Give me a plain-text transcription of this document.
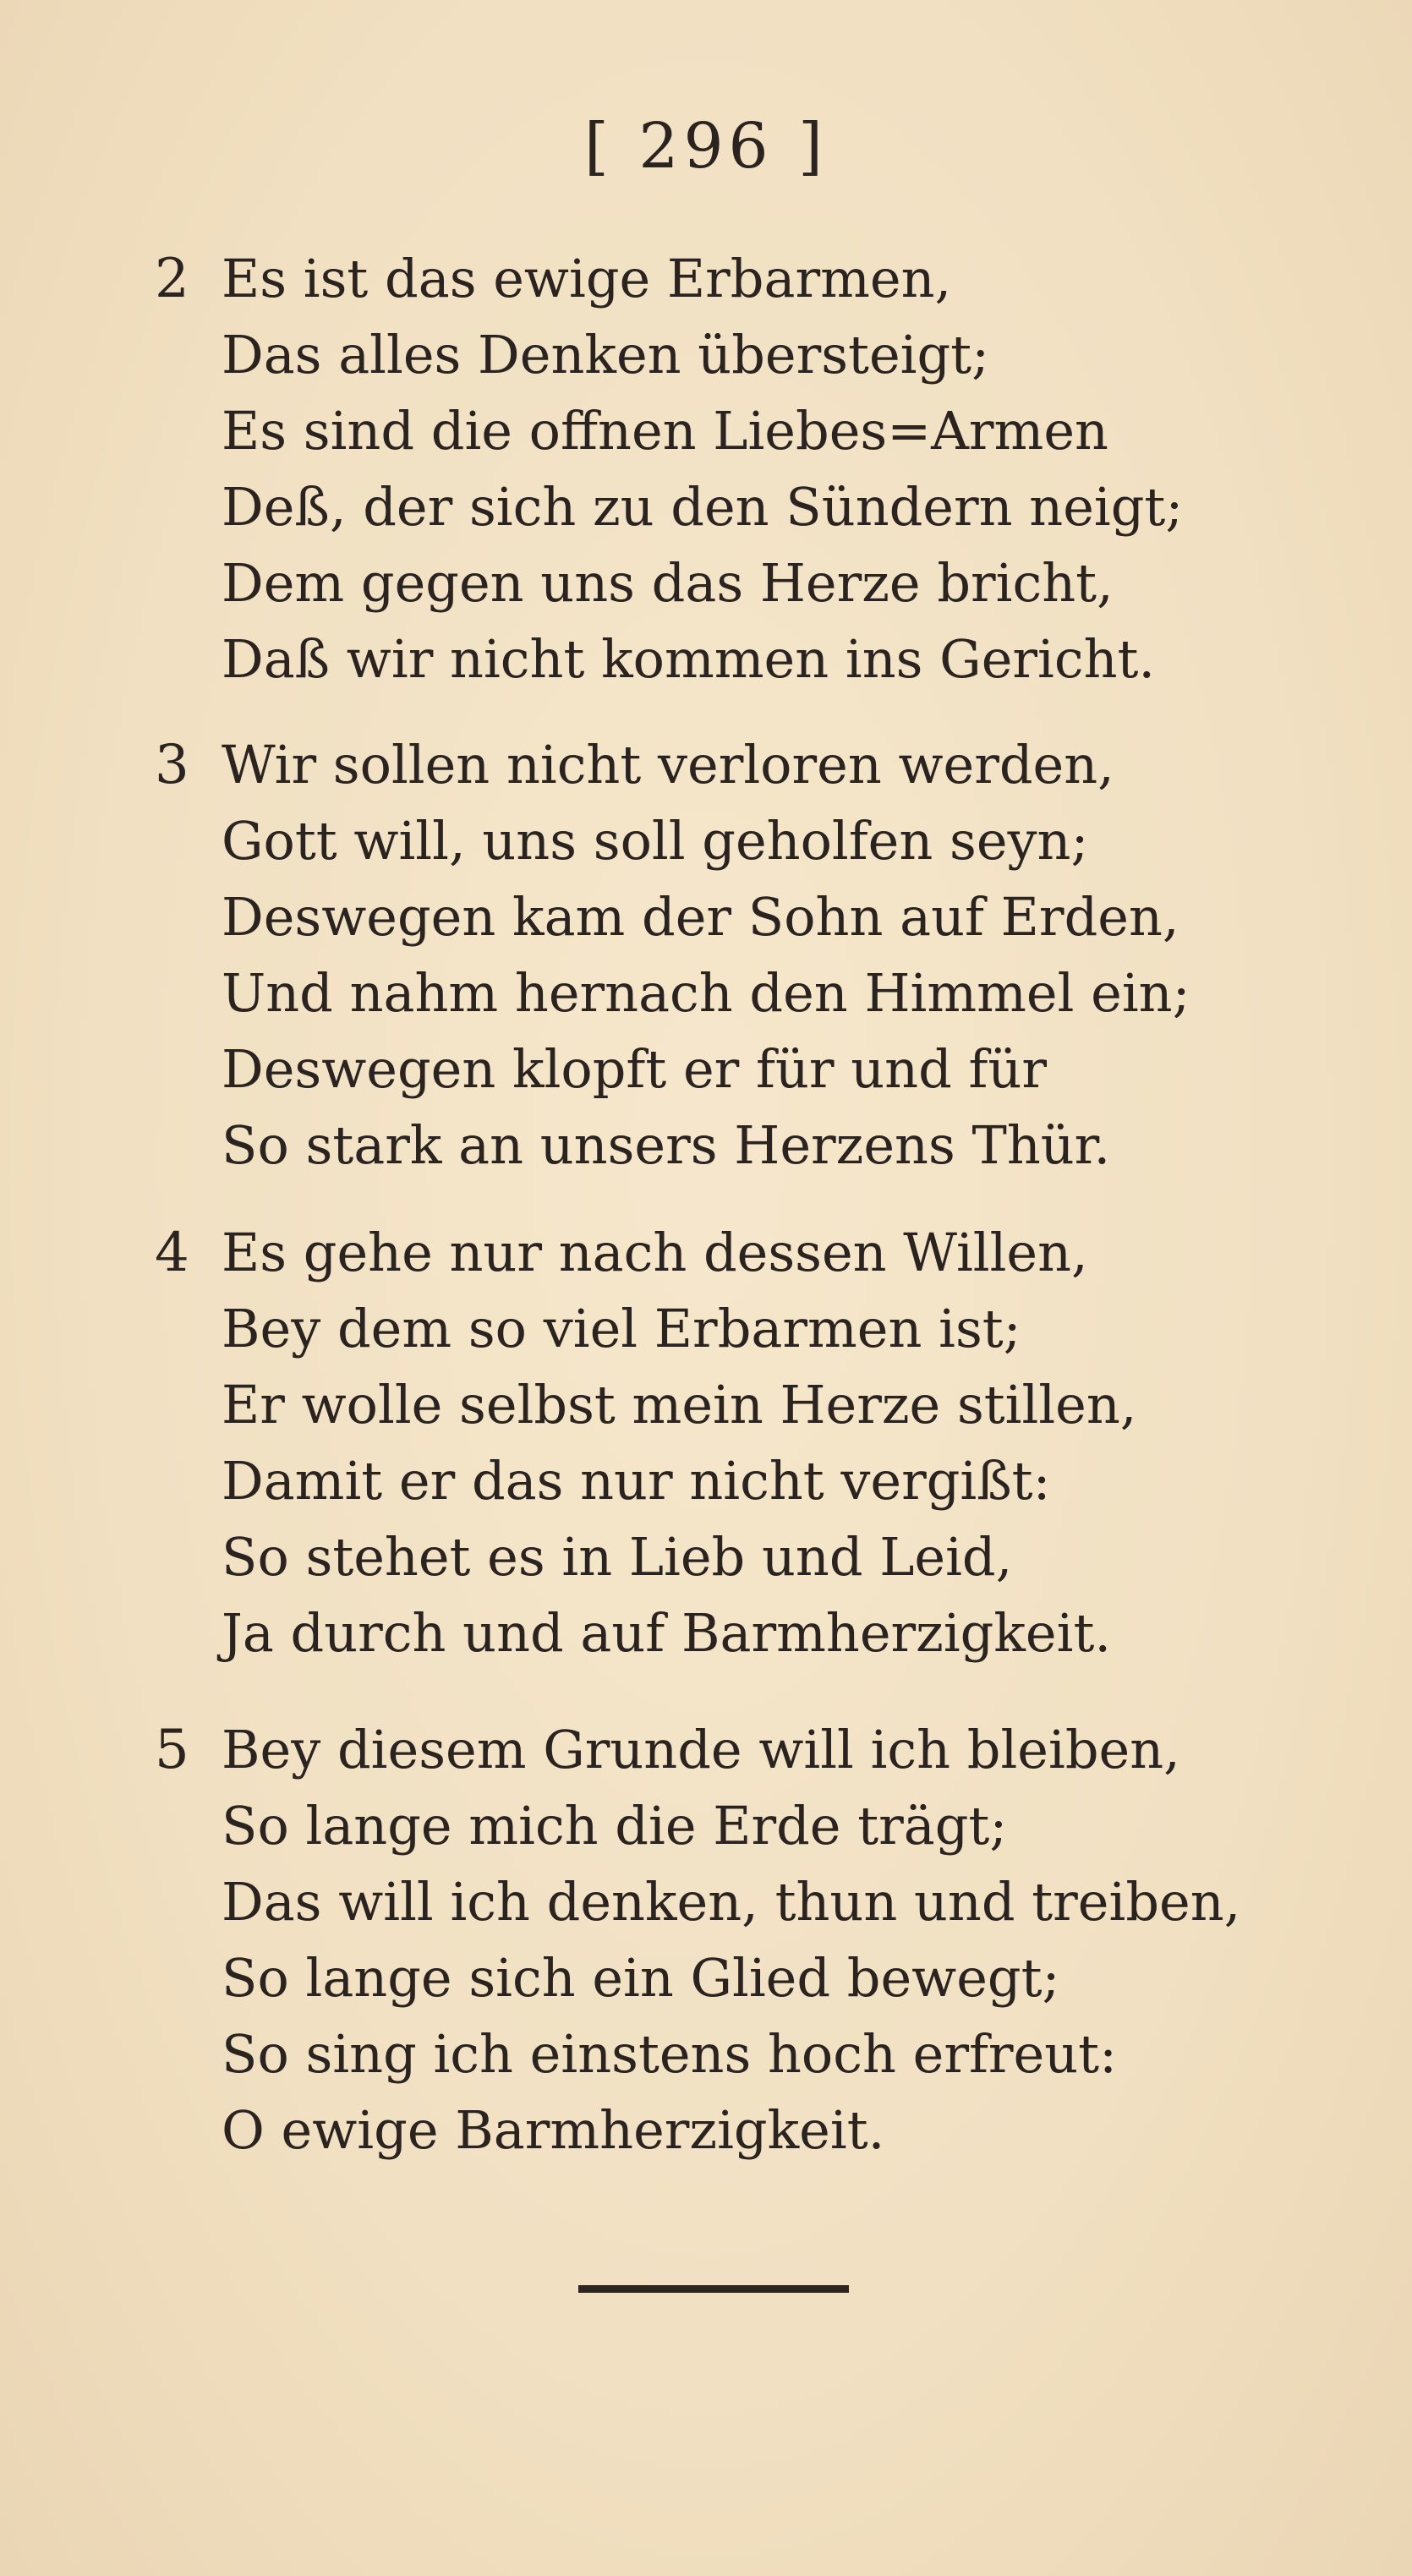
[ 296 ]
2 Es ist das ewige Erbarmen,
Das alles Denken übersteigt;
Es sind die offnen Liebes=Armen
Deß, der sich zu den Sündern neigt;
Dem gegen uns das Herze bricht,
Daß wir nicht kommen ins Gericht.
3 Wir sollen nicht verloren werden,
Gott will, uns soll geholfen seyn;
Deswegen kam der Sohn auf Erden,
Und nahm hernach den Himmel ein;
Deswegen klopft er für und für
So stark an unsers Herzens Thür.
4 Es gehe nur nach dessen Willen,
Bey dem so viel Erbarmen ist;
Er wolle selbst mein Herze stillen,
Damit er das nur nicht vergißt:
So stehet es in Lieb und Leid,
Ja durch und auf Barmherzigkeit.
5 Bey diesem Grunde will ich bleiben,
So lange mich die Erde trägt;
Das will ich denken, thun und treiben,
So lange sich ein Glied bewegt;
So sing ich einstens hoch erfreut:
O ewige Barmherzigkeit.
